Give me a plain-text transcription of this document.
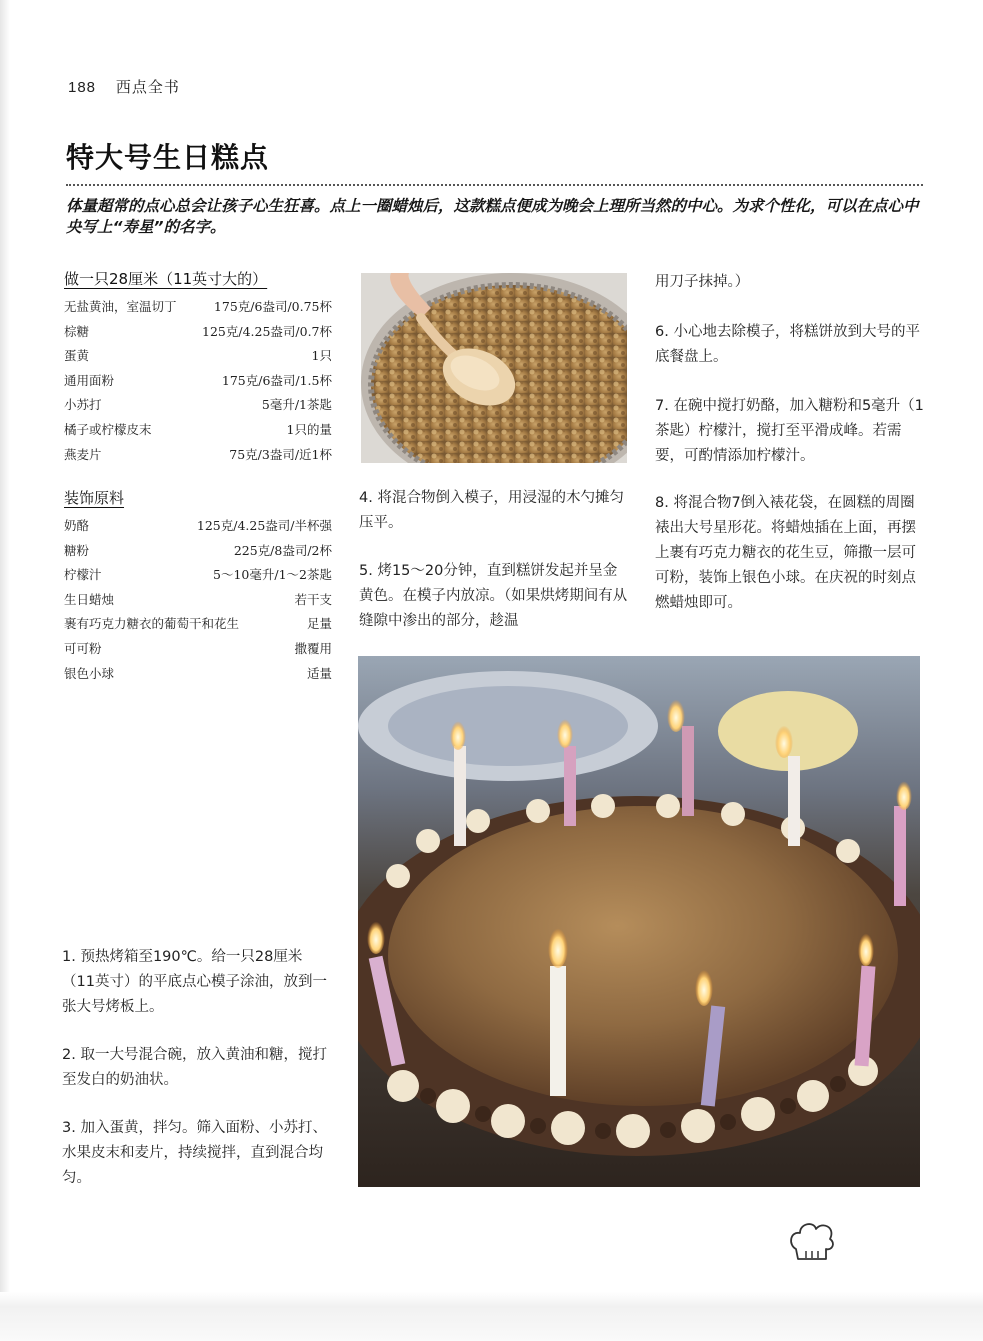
188 西点全书
特大号生日糕点
体量超常的点心总会让孩子心生狂喜。点上一圈蜡烛后，这款糕点便成为晚会上理所当然的中心。为求个性化，可以在点心中央写上“寿星”的名字。
做一只28厘米（11英寸大的）
无盐黄油，室温切丁	175克/6盎司/0.75杯
棕糖	125克/4.25盎司/0.7杯
蛋黄	1只
通用面粉	175克/6盎司/1.5杯
小苏打	5毫升/1茶匙
橘子或柠檬皮末	1只的量
燕麦片	75克/3盎司/近1杯
装饰原料
奶酪	125克/4.25盎司/半杯强
糖粉	225克/8盎司/2杯
柠檬汁	5～10毫升/1～2茶匙
生日蜡烛	若干支
裹有巧克力糖衣的葡萄干和花生	足量
可可粉	撒覆用
银色小球	适量
1. 预热烤箱至190℃。给一只28厘米（11英寸）的平底点心模子涂油，放到一张大号烤板上。
2. 取一大号混合碗，放入黄油和糖，搅打至发白的奶油状。
3. 加入蛋黄，拌匀。筛入面粉、小苏打、水果皮末和麦片，持续搅拌，直到混合均匀。
4. 将混合物倒入模子，用浸湿的木勺摊匀压平。
5. 烤15～20分钟，直到糕饼发起并呈金黄色。在模子内放凉。（如果烘烤期间有从缝隙中渗出的部分，趁温
用刀子抹掉。）
6. 小心地去除模子，将糕饼放到大号的平底餐盘上。
7. 在碗中搅打奶酪，加入糖粉和5毫升（1茶匙）柠檬汁，搅打至平滑成峰。若需要，可酌情添加柠檬汁。
8. 将混合物7倒入裱花袋，在圆糕的周圈裱出大号星形花。将蜡烛插在上面，再摆上裹有巧克力糖衣的花生豆，筛撒一层可可粉，装饰上银色小球。在庆祝的时刻点燃蜡烛即可。
